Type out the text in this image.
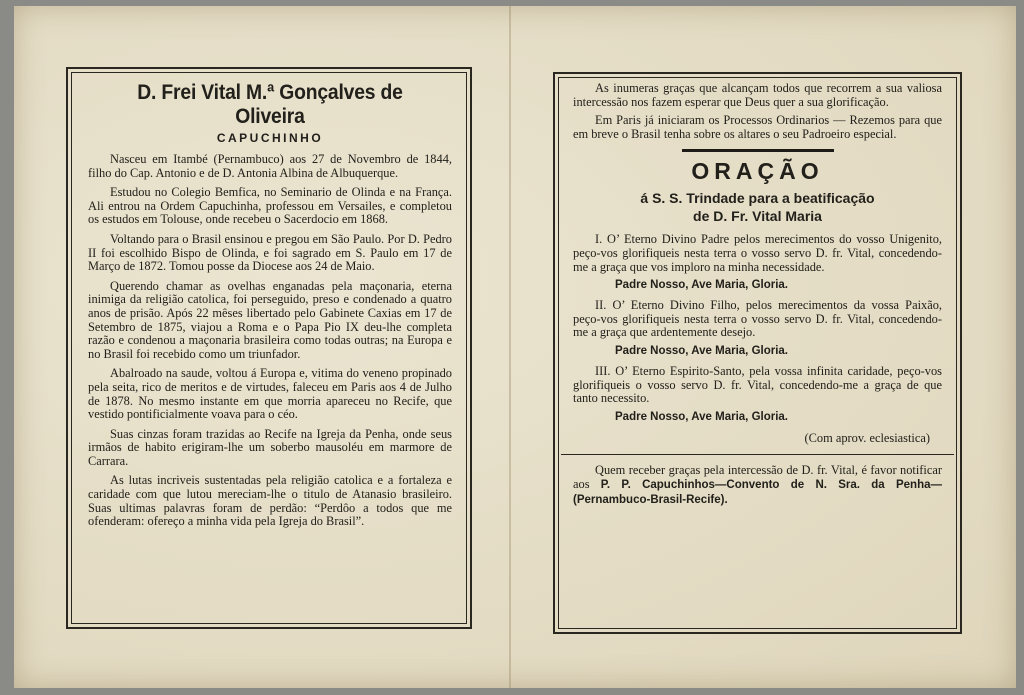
D. Frei Vital M.ª Gonçalves de Oliveira
CAPUCHINHO

Nasceu em Itambé (Pernambuco) aos 27 de Novembro de 1844, filho do Cap. Antonio e de D. Antonia Albina de Albuquerque.

Estudou no Colegio Bemfica, no Seminario de Olinda e na França. Ali entrou na Ordem Capuchinha, professou em Versailes, e completou os estudos em Tolouse, onde recebeu o Sacerdocio em 1868.

Voltando para o Brasil ensinou e pregou em São Paulo. Por D. Pedro II foi escolhido Bispo de Olinda, e foi sagrado em S. Paulo em 17 de Março de 1872. Tomou posse da Diocese aos 24 de Maio.

Querendo chamar as ovelhas enganadas pela maçonaria, eterna inimiga da religião catolica, foi perseguido, preso e condenado a quatro anos de prisão. Após 22 mêses libertado pelo Gabinete Caxias em 17 de Setembro de 1875, viajou a Roma e o Papa Pio IX deu-lhe completa razão e condenou a maçonaria brasileira como todas outras; na Europa e no Brasil foi recebido como um triunfador.

Abalroado na saude, voltou á Europa e, vitima do veneno propinado pela seita, rico de meritos e de virtudes, faleceu em Paris aos 4 de Julho de 1878. No mesmo instante em que morria apareceu no Recife, que vestido pontificialmente voava para o céo.

Suas cinzas foram trazidas ao Recife na Igreja da Penha, onde seus irmãos de habito erigiram-lhe um soberbo mausoléu em marmore de Carrara.

As lutas incriveis sustentadas pela religião catolica e a fortaleza e caridade com que lutou mereciam-lhe o titulo de Atanasio brasileiro. Suas ultimas palavras foram de perdão: “Perdôo a todos que me ofenderam: ofereço a minha vida pela Igreja do Brasil”.

As inumeras graças que alcançam todos que recorrem a sua valiosa intercessão nos fazem esperar que Deus quer a sua glorificação.

Em Paris já iniciaram os Processos Ordinarios — Rezemos para que em breve o Brasil tenha sobre os altares o seu Padroeiro especial.

ORAÇÃO
á S. S. Trindade para a beatificação
de D. Fr. Vital Maria

I. O’ Eterno Divino Padre pelos merecimentos do vosso Unigenito, peço-vos glorifiqueis nesta terra o vosso servo D. fr. Vital, concedendo-me a graça que vos imploro na minha necessidade.

Padre Nosso, Ave Maria, Gloria.

II. O’ Eterno Divino Filho, pelos merecimentos da vossa Paixão, peço-vos glorifiqueis nesta terra o vosso servo D. fr. Vital, concedendo-me a graça que ardentemente desejo.

Padre Nosso, Ave Maria, Gloria.

III. O’ Eterno Espirito-Santo, pela vossa infinita caridade, peço-vos glorifiqueis o vosso servo D. fr. Vital, concedendo-me a graça de que tanto necessito.

Padre Nosso, Ave Maria, Gloria.
(Com aprov. eclesiastica)

Quem receber graças pela intercessão de D. fr. Vital, é favor notificar aos P. P. Capuchinhos—Convento de N. Sra. da Penha—(Pernambuco-Brasil-Recife).
